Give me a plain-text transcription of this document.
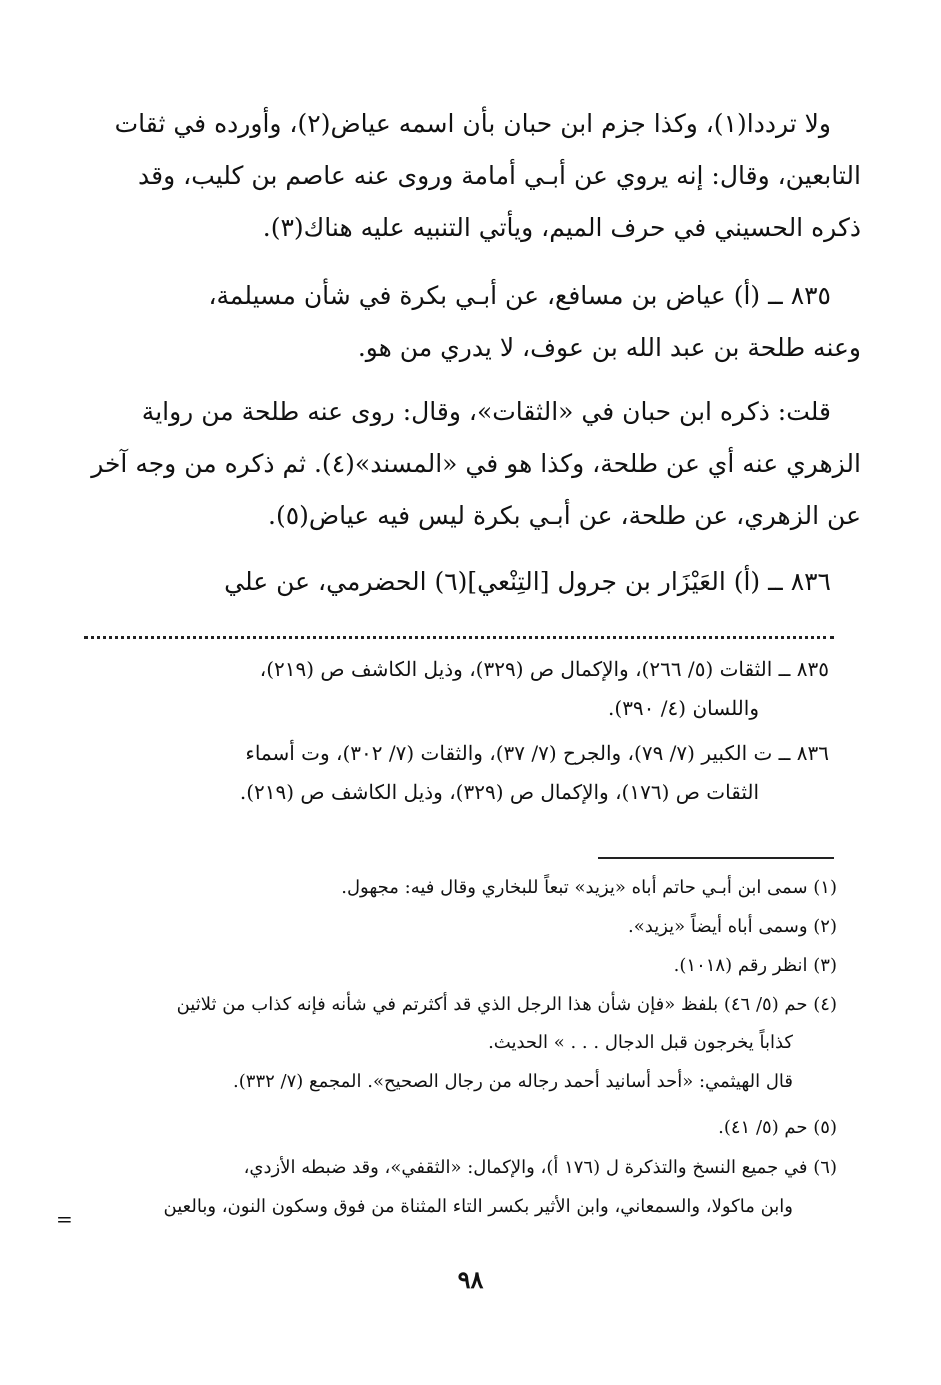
ولا ترددا(١)، وكذا جزم ابن حبان بأن اسمه عياض(٢)، وأورده في ثقات
التابعين، وقال: إنه يروي عن أبـي أمامة وروى عنه عاصم بن كليب، وقد
ذكره الحسيني في حرف الميم، ويأتي التنبيه عليه هناك(٣).
٨٣٥ ــ (أ) عياض بن مسافع، عن أبـي بكرة في شأن مسيلمة،
وعنه طلحة بن عبد الله بن عوف، لا يدري من هو.
قلت: ذكره ابن حبان في «الثقات»، وقال: روى عنه طلحة من رواية
الزهري عنه أي عن طلحة، وكذا هو في «المسند»(٤). ثم ذكره من وجه آخر
عن الزهري، عن طلحة، عن أبـي بكرة ليس فيه عياض(٥).
٨٣٦ ــ (أ) العَيْزَار بن جرول [التِنْعي](٦) الحضرمي، عن علي
٨٣٥ ــ الثقات (٥/ ٢٦٦)، والإكمال ص (٣٢٩)، وذيل الكاشف ص (٢١٩)،
واللسان (٤/ ٣٩٠).
٨٣٦ ــ ت الكبير (٧/ ٧٩)، والجرح (٧/ ٣٧)، والثقات (٧/ ٣٠٢)، وت أسماء
الثقات ص (١٧٦)، والإكمال ص (٣٢٩)، وذيل الكاشف ص (٢١٩).
(١) سمى ابن أبـي حاتم أباه «يزيد» تبعاً للبخاري وقال فيه: مجهول.
(٢) وسمى أباه أيضاً «يزيد».
(٣) انظر رقم (١٠١٨).
(٤) حم (٥/ ٤٦) بلفظ «فإن شأن هذا الرجل الذي قد أكثرتم في شأنه فإنه كذاب من ثلاثين
كذاباً يخرجون قبل الدجال . . . » الحديث.
قال الهيثمي: «أحد أسانيد أحمد رجاله من رجال الصحيح». المجمع (٧/ ٣٣٢).
(٥) حم (٥/ ٤١).
(٦) في جميع النسخ والتذكرة ل (١٧٦ أ)، والإكمال: «الثقفي»، وقد ضبطه الأزدي،
وابن ماكولا، والسمعاني، وابن الأثير بكسر التاء المثناة من فوق وسكون النون، وبالعين
=
٩٨
